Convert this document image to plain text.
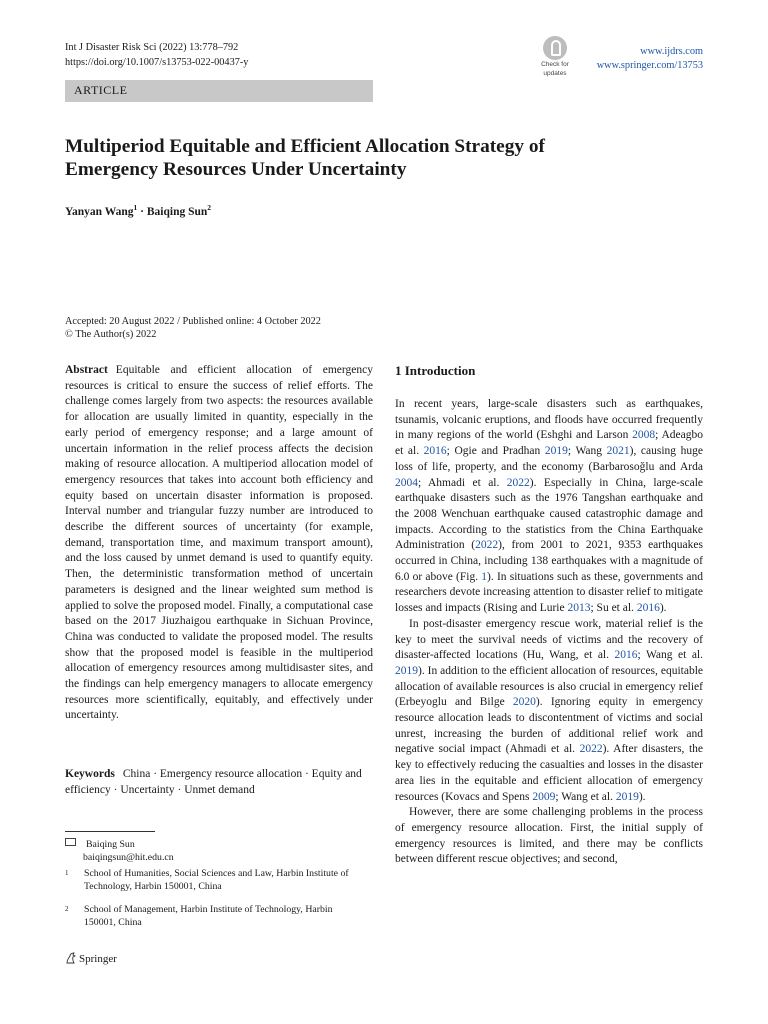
Int J Disaster Risk Sci (2022) 13:778–792
https://doi.org/10.1007/s13753-022-00437-y	Check for
updates
www.ijdrs.com
www.springer.com/13753
ARTICLE
Multiperiod Equitable and Efficient Allocation Strategy of Emergency Resources Under Uncertainty
Yanyan Wang$^1$ · Baiqing Sun$^2$
Accepted: 20 August 2022 / Published online: 4 October 2022
© The Author(s) 2022
Abstract Equitable and efficient allocation of emergency resources is critical to ensure the success of relief efforts. The challenge comes largely from two aspects: the resources available for allocation are usually limited in quantity, especially in the early period of emergency response; and a large amount of uncertain information in the relief process affects the decision making of resource allocation. A multiperiod allocation model of emergency resources that takes into account both efficiency and equity based on uncertain disaster information is proposed. Interval number and triangular fuzzy number are introduced to describe the different sources of uncertainty (for example, demand, transportation time, and maximum transport amount), and the loss caused by unmet demand is used to quantify equity. Then, the deterministic transformation method of uncertain parameters is designed and the linear weighted sum method is applied to solve the proposed model. Finally, a computational case based on the 2017 Jiuzhaigou earthquake in Sichuan Province, China was conducted to validate the proposed model. The results show that the proposed model is feasible in the multiperiod allocation of emergency resources among multidisaster sites, and the findings can help emergency managers to allocate emergency resources more scientifically, equitably, and effectively under uncertainty.
Keywords China · Emergency resource allocation · Equity and efficiency · Uncertainty · Unmet demand
Baiqing Sun
baiqingsun@hit.edu.cn
1	School of Humanities, Social Sciences and Law, Harbin Institute of Technology, Harbin 150001, China
2	School of Management, Harbin Institute of Technology, Harbin 150001, China
Springer
1 Introduction

In recent years, large-scale disasters such as earthquakes, tsunamis, volcanic eruptions, and floods have occurred frequently in many regions of the world (Eshghi and Larson 2008; Adeagbo et al. 2016; Ogie and Pradhan 2019; Wang 2021), causing huge loss of life, property, and the economy (Barbarosoğlu and Arda 2004; Ahmadi et al. 2022). Especially in China, large-scale earthquake disasters such as the 1976 Tangshan earthquake and the 2008 Wenchuan earthquake caused catastrophic damage and impacts. According to the statistics from the China Earthquake Administration (2022), from 2001 to 2021, 9353 earthquakes occurred in China, including 138 earthquakes with a magnitude of 6.0 or above (Fig. 1). In situations such as these, governments and researchers devote increasing attention to disaster relief to mitigate losses and impacts (Rising and Lurie 2013; Su et al. 2016).

In post-disaster emergency rescue work, material relief is the key to meet the survival needs of victims and the recovery of disaster-affected locations (Hu, Wang, et al. 2016; Wang et al. 2019). In addition to the efficient allocation of resources, equitable allocation of available resources is also crucial in emergency relief (Erbeyoglu and Bilge 2020). Ignoring equity in emergency resource allocation leads to discontentment of victims and social unrest, increasing the burden of additional relief work and negative social impact (Ahmadi et al. 2022). After disasters, the key to effectively reducing the casualties and losses in the disaster area lies in the equitable and efficient allocation of emergency resources (Kovacs and Spens 2009; Wang et al. 2019).

However, there are some challenging problems in the process of emergency resource allocation. First, the initial supply of emergency resources is limited, and there may be conflicts between different rescue objectives; and second,
